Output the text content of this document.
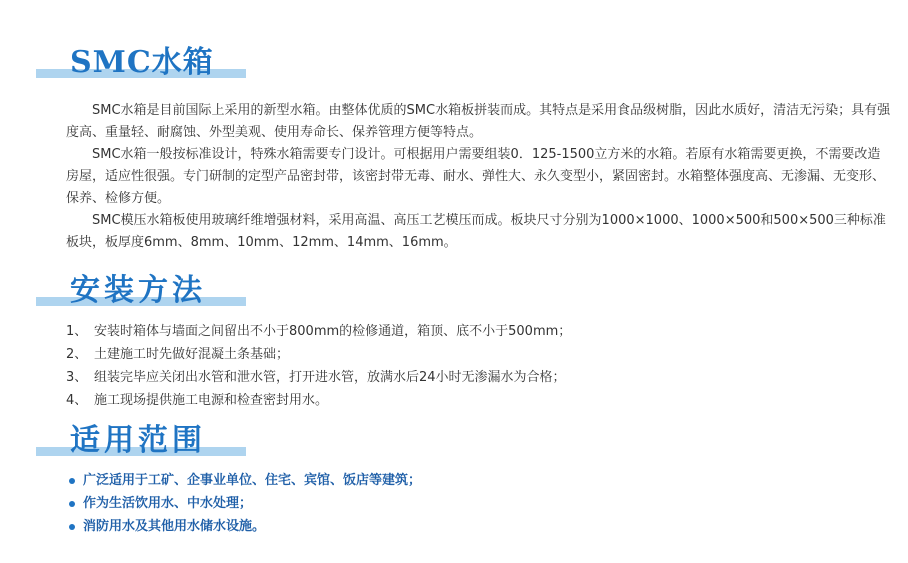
SMC水箱

SMC水箱是目前国际上采用的新型水箱。由整体优质的SMC水箱板拼装而成。其特点是采用食品级树脂，因此水质好，清洁无污染；具有强度高、重量轻、耐腐蚀、外型美观、使用寿命长、保养管理方便等特点。

SMC水箱一般按标准设计，特殊水箱需要专门设计。可根据用户需要组装0．125-1500立方米的水箱。若原有水箱需要更换，不需要改造房屋，适应性很强。专门研制的定型产品密封带，该密封带无毒、耐水、弹性大、永久变型小，紧固密封。水箱整体强度高、无渗漏、无变形、保养、检修方便。

SMC模压水箱板使用玻璃纤维增强材料，采用高温、高压工艺模压而成。板块尺寸分别为1000×1000、1000×500和500×500三种标准板块，板厚度6mm、8mm、10mm、12mm、14mm、16mm。

安装方法
1、 安装时箱体与墙面之间留出不小于800mm的检修通道，箱顶、底不小于500mm；
2、 土建施工时先做好混凝土条基础；
3、 组装完毕应关闭出水管和泄水管，打开进水管，放满水后24小时无渗漏水为合格；
4、 施工现场提供施工电源和检查密封用水。
适用范围
广泛适用于工矿、企事业单位、住宅、宾馆、饭店等建筑；
作为生活饮用水、中水处理；
消防用水及其他用水储水设施。
